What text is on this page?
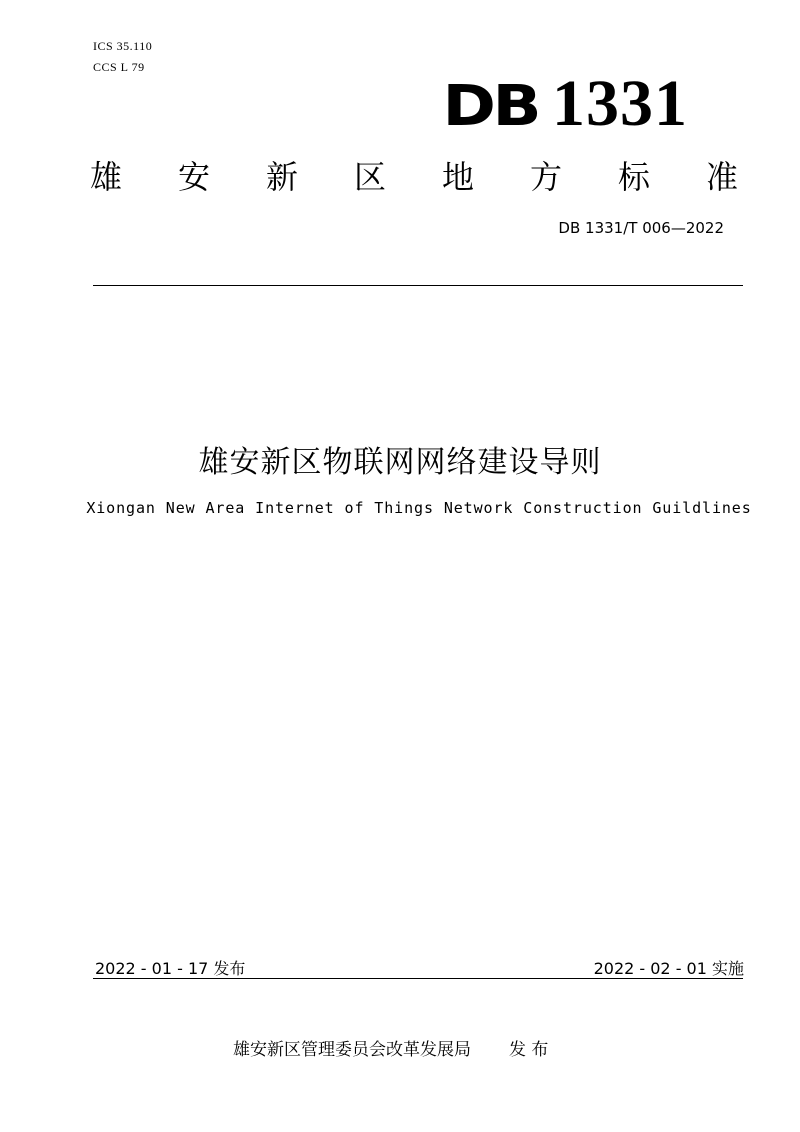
ICS 35.110
CCS L 79
DB 1331
雄 安 新 区 地 方 标 准
DB 1331/T 006—2022
雄安新区物联网网络建设导则
Xiongan New Area Internet of Things Network Construction Guildlines
2022 - 01 - 17 发布	2022 - 02 - 01 实施
雄安新区管理委员会改革发展局 发 布
